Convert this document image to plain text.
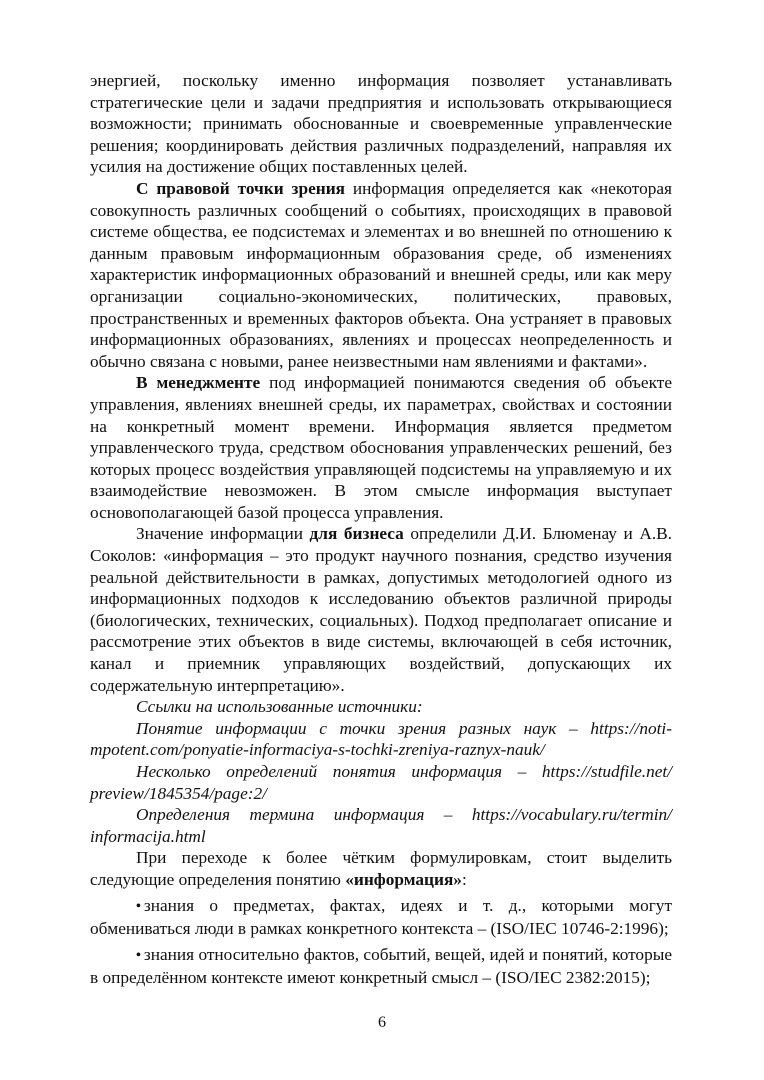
энергией, поскольку именно информация позволяет устанавливать стратегические цели и задачи предприятия и использовать открывающиеся возможности; принимать обоснованные и своевременные управленческие решения; координировать действия различных подразделений, направляя их усилия на достижение общих поставленных целей.

С правовой точки зрения информация определяется как «некоторая совокупность различных сообщений о событиях, происходящих в правовой системе общества, ее подсистемах и элементах и во внешней по отношению к данным правовым информационным образования среде, об изменениях характеристик информационных образований и внешней среды, или как меру организации социально-экономических, политических, правовых, пространственных и временных факторов объекта. Она устраняет в правовых информационных образованиях, явлениях и процессах неопределенность и обычно связана с новыми, ранее неизвестными нам явлениями и фактами».

В менеджменте под информацией понимаются сведения об объекте управления, явлениях внешней среды, их параметрах, свойствах и состоянии на конкретный момент времени. Информация является предметом управленческого труда, средством обоснования управленческих решений, без которых процесс воздействия управляющей подсистемы на управляемую и их взаимодействие невозможен. В этом смысле информация выступает основополагающей базой процесса управления.

Значение информации для бизнеса определили Д.И. Блюменау и А.В. Соколов: «информация – это продукт научного познания, средство изучения реальной действительности в рамках, допустимых методологией одного из информационных подходов к исследованию объектов различной природы (биологических, технических, социальных). Подход предполагает описание и рассмотрение этих объектов в виде системы, включающей в себя источник, канал и приемник управляющих воздействий, допускающих их содержательную интерпретацию».

Ссылки на использованные источники:

Понятие информации с точки зрения разных наук – https://notimpotent.com/ponyatie-informaciya-s-tochki-zreniya-raznyx-nauk/

Несколько определений понятия информация – https://studfile.net/ preview/1845354/page:2/

Определения термина информация – https://vocabulary.ru/termin/ informacija.html

При переходе к более чётким формулировкам, стоит выделить следующие определения понятию «информация»:

• знания о предметах, фактах, идеях и т. д., которыми могут обмениваться люди в рамках конкретного контекста – (ISO/IEC 10746-2:1996);

• знания относительно фактов, событий, вещей, идей и понятий, которые в определённом контексте имеют конкретный смысл – (ISO/IEC 2382:2015);

6
